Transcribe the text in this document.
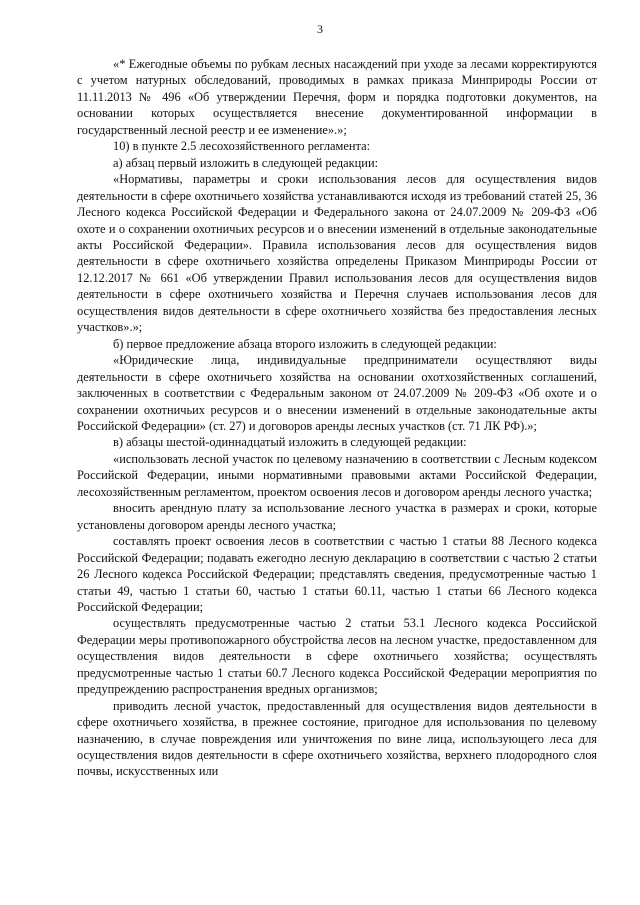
3

«* Ежегодные объемы по рубкам лесных насаждений при уходе за лесами корректируются с учетом натурных обследований, проводимых в рамках приказа Минприроды России от 11.11.2013 № 496 «Об утверждении Перечня, форм и порядка подготовки документов, на основании которых осуществляется внесение документированной информации в государственный лесной реестр и ее изменение».»;

10) в пункте 2.5 лесохозяйственного регламента:

а) абзац первый изложить в следующей редакции:

«Нормативы, параметры и сроки использования лесов для осуществления видов деятельности в сфере охотничьего хозяйства устанавливаются исходя из требований статей 25, 36 Лесного кодекса Российской Федерации и Федерального закона от 24.07.2009 № 209-ФЗ «Об охоте и о сохранении охотничьих ресурсов и о внесении изменений в отдельные законодательные акты Российской Федерации». Правила использования лесов для осуществления видов деятельности в сфере охотничьего хозяйства определены Приказом Минприроды России от 12.12.2017 № 661 «Об утверждении Правил использования лесов для осуществления видов деятельности в сфере охотничьего хозяйства и Перечня случаев использования лесов для осуществления видов деятельности в сфере охотничьего хозяйства без предоставления лесных участков».»;

б) первое предложение абзаца второго изложить в следующей редакции:

«Юридические лица, индивидуальные предприниматели осуществляют виды деятельности в сфере охотничьего хозяйства на основании охотхозяйственных соглашений, заключенных в соответствии с Федеральным законом от 24.07.2009 № 209-ФЗ «Об охоте и о сохранении охотничьих ресурсов и о внесении изменений в отдельные законодательные акты Российской Федерации» (ст. 27) и договоров аренды лесных участков (ст. 71 ЛК РФ).»;

в) абзацы шестой-одиннадцатый изложить в следующей редакции:

«использовать лесной участок по целевому назначению в соответствии с Лесным кодексом Российской Федерации, иными нормативными правовыми актами Российской Федерации, лесохозяйственным регламентом, проектом освоения лесов и договором аренды лесного участка;

вносить арендную плату за использование лесного участка в размерах и сроки, которые установлены договором аренды лесного участка;

составлять проект освоения лесов в соответствии с частью 1 статьи 88 Лесного кодекса Российской Федерации; подавать ежегодно лесную декларацию в соответствии с частью 2 статьи 26 Лесного кодекса Российской Федерации; представлять сведения, предусмотренные частью 1 статьи 49, частью 1 статьи 60, частью 1 статьи 60.11, частью 1 статьи 66 Лесного кодекса Российской Федерации;

осуществлять предусмотренные частью 2 статьи 53.1 Лесного кодекса Российской Федерации меры противопожарного обустройства лесов на лесном участке, предоставленном для осуществления видов деятельности в сфере охотничьего хозяйства; осуществлять предусмотренные частью 1 статьи 60.7 Лесного кодекса Российской Федерации мероприятия по предупреждению распространения вредных организмов;

приводить лесной участок, предоставленный для осуществления видов деятельности в сфере охотничьего хозяйства, в прежнее состояние, пригодное для использования по целевому назначению, в случае повреждения или уничтожения по вине лица, использующего леса для осуществления видов деятельности в сфере охотничьего хозяйства, верхнего плодородного слоя почвы, искусственных или
